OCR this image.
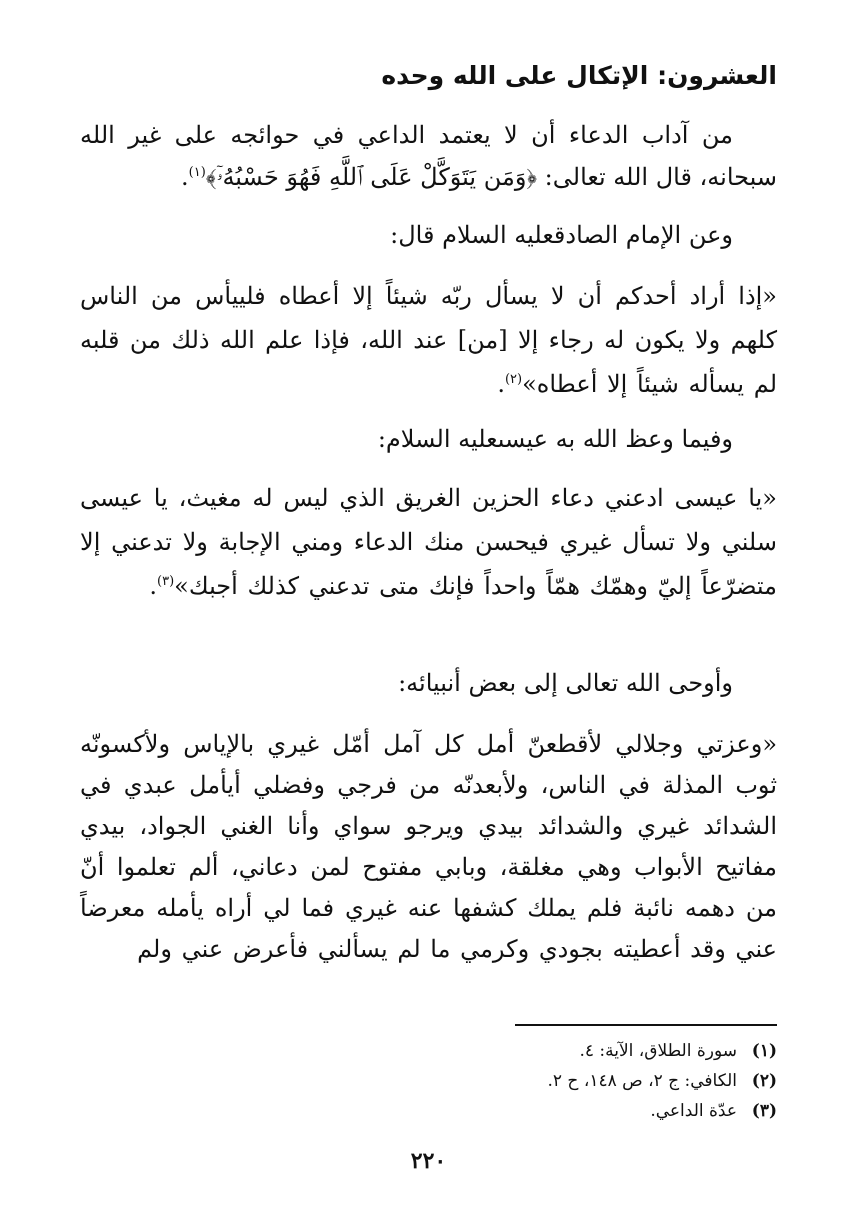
العشرون: الإتكال على الله وحده
من آداب الدعاء أن لا يعتمد الداعي في حوائجه على غير الله سبحانه، قال الله تعالى: ﴿وَمَن يَتَوَكَّلْ عَلَى ٱللَّهِ فَهُوَ حَسْبُهُۥٓ﴾$^{(١)}$.
وعن الإمام الصادقعليه السلام قال:
«إذا أراد أحدكم أن لا يسأل ربّه شيئاً إلا أعطاه فلييأس من الناس كلهم ولا يكون له رجاء إلا [من] عند الله، فإذا علم الله ذلك من قلبه لم يسأله شيئاً إلا أعطاه»$^{(٢)}$.
وفيما وعظ الله به عيسىعليه السلام:
«يا عيسى ادعني دعاء الحزين الغريق الذي ليس له مغيث، يا عيسى سلني ولا تسأل غيري فيحسن منك الدعاء ومني الإجابة ولا تدعني إلا متضرّعاً إليّ وهمّك همّاً واحداً فإنك متى تدعني كذلك أجبك»$^{(٣)}$.
وأوحى الله تعالى إلى بعض أنبيائه:
«وعزتي وجلالي لأقطعنّ أمل كل آمل أمّل غيري بالإياس ولأكسونّه ثوب المذلة في الناس، ولأبعدنّه من فرجي وفضلي أيأمل عبدي في الشدائد غيري والشدائد بيدي ويرجو سواي وأنا الغني الجواد، بيدي مفاتيح الأبواب وهي مغلقة، وبابي مفتوح لمن دعاني، ألم تعلموا أنّ من دهمه نائبة فلم يملك كشفها عنه غيري فما لي أراه يأمله معرضاً عني وقد أعطيته بجودي وكرمي ما لم يسألني فأعرض عني ولم
(١)
سورة الطلاق، الآية: ٤.
(٢)
الكافي: ج ٢، ص ١٤٨، ح ٢.
(٣)
عدّة الداعي.
٢٢٠
